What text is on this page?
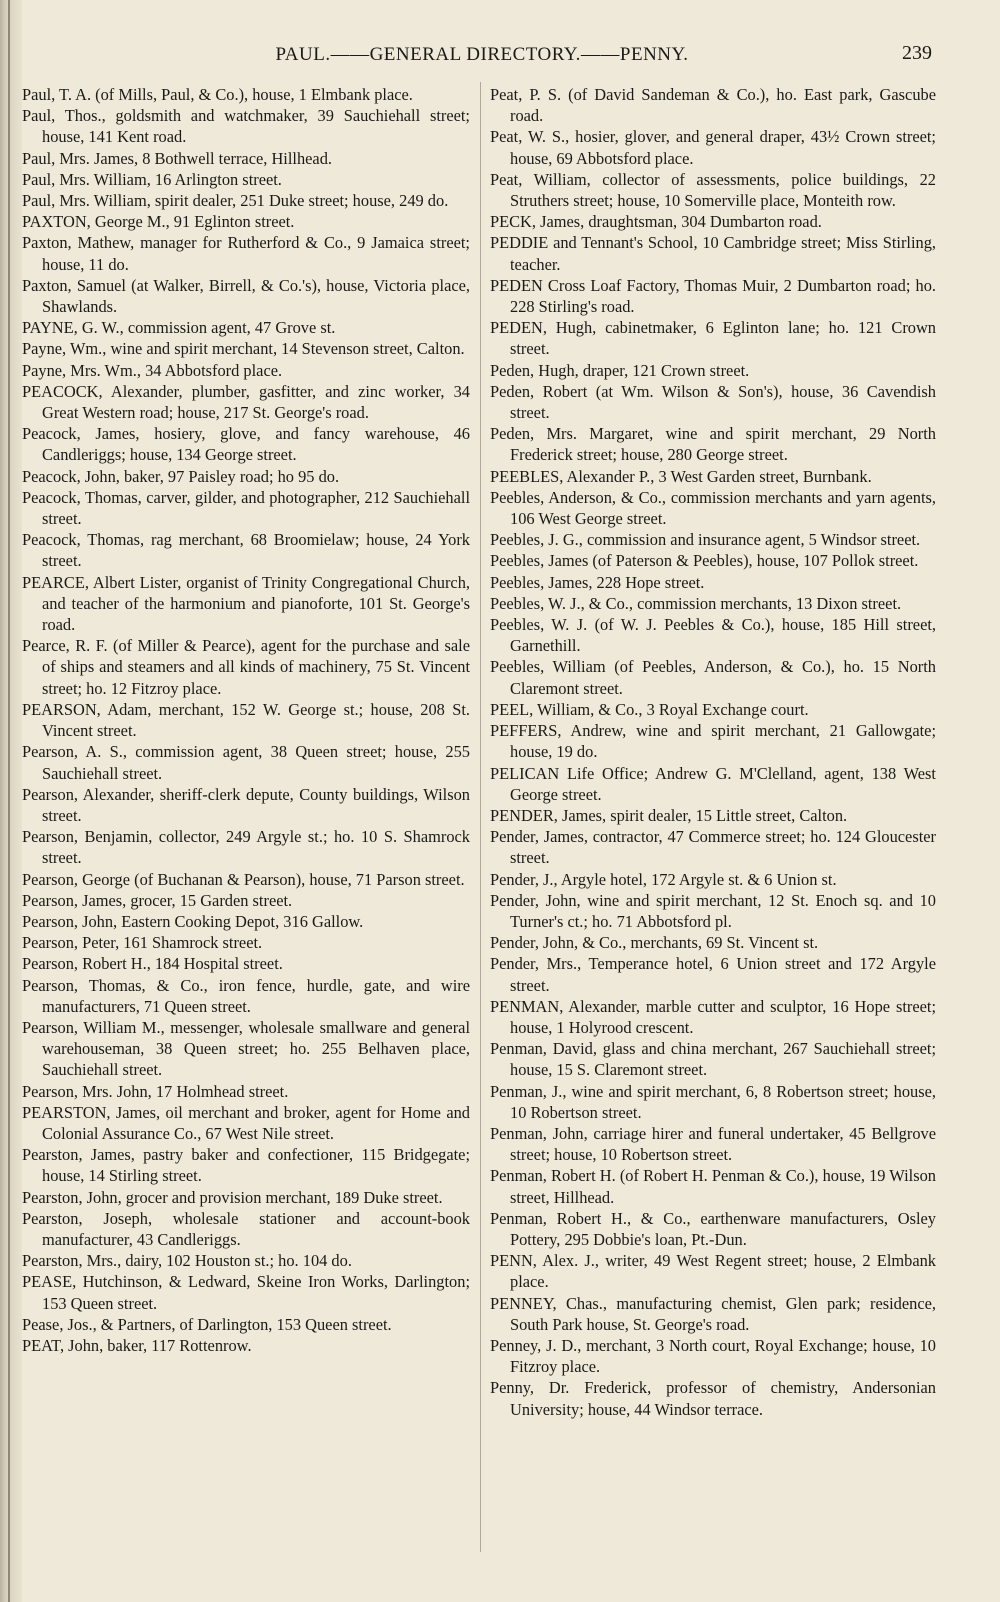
PAUL.——GENERAL DIRECTORY.——PENNY.	239

Paul, T. A. (of Mills, Paul, & Co.), house, 1 Elmbank place.

Paul, Thos., goldsmith and watchmaker, 39 Sauchiehall street; house, 141 Kent road.

Paul, Mrs. James, 8 Bothwell terrace, Hillhead.

Paul, Mrs. William, 16 Arlington street.

Paul, Mrs. William, spirit dealer, 251 Duke street; house, 249 do.

PAXTON, George M., 91 Eglinton street.

Paxton, Mathew, manager for Rutherford & Co., 9 Jamaica street; house, 11 do.

Paxton, Samuel (at Walker, Birrell, & Co.'s), house, Victoria place, Shawlands.

PAYNE, G. W., commission agent, 47 Grove st.

Payne, Wm., wine and spirit merchant, 14 Stevenson street, Calton.

Payne, Mrs. Wm., 34 Abbotsford place.

PEACOCK, Alexander, plumber, gasfitter, and zinc worker, 34 Great Western road; house, 217 St. George's road.

Peacock, James, hosiery, glove, and fancy warehouse, 46 Candleriggs; house, 134 George street.

Peacock, John, baker, 97 Paisley road; ho 95 do.

Peacock, Thomas, carver, gilder, and photographer, 212 Sauchiehall street.

Peacock, Thomas, rag merchant, 68 Broomielaw; house, 24 York street.

PEARCE, Albert Lister, organist of Trinity Congregational Church, and teacher of the harmonium and pianoforte, 101 St. George's road.

Pearce, R. F. (of Miller & Pearce), agent for the purchase and sale of ships and steamers and all kinds of machinery, 75 St. Vincent street; ho. 12 Fitzroy place.

PEARSON, Adam, merchant, 152 W. George st.; house, 208 St. Vincent street.

Pearson, A. S., commission agent, 38 Queen street; house, 255 Sauchiehall street.

Pearson, Alexander, sheriff-clerk depute, County buildings, Wilson street.

Pearson, Benjamin, collector, 249 Argyle st.; ho. 10 S. Shamrock street.

Pearson, George (of Buchanan & Pearson), house, 71 Parson street.

Pearson, James, grocer, 15 Garden street.

Pearson, John, Eastern Cooking Depot, 316 Gallow.

Pearson, Peter, 161 Shamrock street.

Pearson, Robert H., 184 Hospital street.

Pearson, Thomas, & Co., iron fence, hurdle, gate, and wire manufacturers, 71 Queen street.

Pearson, William M., messenger, wholesale smallware and general warehouseman, 38 Queen street; ho. 255 Belhaven place, Sauchiehall street.

Pearson, Mrs. John, 17 Holmhead street.

PEARSTON, James, oil merchant and broker, agent for Home and Colonial Assurance Co., 67 West Nile street.

Pearston, James, pastry baker and confectioner, 115 Bridgegate; house, 14 Stirling street.

Pearston, John, grocer and provision merchant, 189 Duke street.

Pearston, Joseph, wholesale stationer and account-book manufacturer, 43 Candleriggs.

Pearston, Mrs., dairy, 102 Houston st.; ho. 104 do.

PEASE, Hutchinson, & Ledward, Skeine Iron Works, Darlington; 153 Queen street.

Pease, Jos., & Partners, of Darlington, 153 Queen street.

PEAT, John, baker, 117 Rottenrow.

Peat, P. S. (of David Sandeman & Co.), ho. East park, Gascube road.

Peat, W. S., hosier, glover, and general draper, 43½ Crown street; house, 69 Abbotsford place.

Peat, William, collector of assessments, police buildings, 22 Struthers street; house, 10 Somerville place, Monteith row.

PECK, James, draughtsman, 304 Dumbarton road.

PEDDIE and Tennant's School, 10 Cambridge street; Miss Stirling, teacher.

PEDEN Cross Loaf Factory, Thomas Muir, 2 Dumbarton road; ho. 228 Stirling's road.

PEDEN, Hugh, cabinetmaker, 6 Eglinton lane; ho. 121 Crown street.

Peden, Hugh, draper, 121 Crown street.

Peden, Robert (at Wm. Wilson & Son's), house, 36 Cavendish street.

Peden, Mrs. Margaret, wine and spirit merchant, 29 North Frederick street; house, 280 George street.

PEEBLES, Alexander P., 3 West Garden street, Burnbank.

Peebles, Anderson, & Co., commission merchants and yarn agents, 106 West George street.

Peebles, J. G., commission and insurance agent, 5 Windsor street.

Peebles, James (of Paterson & Peebles), house, 107 Pollok street.

Peebles, James, 228 Hope street.

Peebles, W. J., & Co., commission merchants, 13 Dixon street.

Peebles, W. J. (of W. J. Peebles & Co.), house, 185 Hill street, Garnethill.

Peebles, William (of Peebles, Anderson, & Co.), ho. 15 North Claremont street.

PEEL, William, & Co., 3 Royal Exchange court.

PEFFERS, Andrew, wine and spirit merchant, 21 Gallowgate; house, 19 do.

PELICAN Life Office; Andrew G. M'Clelland, agent, 138 West George street.

PENDER, James, spirit dealer, 15 Little street, Calton.

Pender, James, contractor, 47 Commerce street; ho. 124 Gloucester street.

Pender, J., Argyle hotel, 172 Argyle st. & 6 Union st.

Pender, John, wine and spirit merchant, 12 St. Enoch sq. and 10 Turner's ct.; ho. 71 Abbotsford pl.

Pender, John, & Co., merchants, 69 St. Vincent st.

Pender, Mrs., Temperance hotel, 6 Union street and 172 Argyle street.

PENMAN, Alexander, marble cutter and sculptor, 16 Hope street; house, 1 Holyrood crescent.

Penman, David, glass and china merchant, 267 Sauchiehall street; house, 15 S. Claremont street.

Penman, J., wine and spirit merchant, 6, 8 Robertson street; house, 10 Robertson street.

Penman, John, carriage hirer and funeral undertaker, 45 Bellgrove street; house, 10 Robertson street.

Penman, Robert H. (of Robert H. Penman & Co.), house, 19 Wilson street, Hillhead.

Penman, Robert H., & Co., earthenware manufacturers, Osley Pottery, 295 Dobbie's loan, Pt.-Dun.

PENN, Alex. J., writer, 49 West Regent street; house, 2 Elmbank place.

PENNEY, Chas., manufacturing chemist, Glen park; residence, South Park house, St. George's road.

Penney, J. D., merchant, 3 North court, Royal Exchange; house, 10 Fitzroy place.

Penny, Dr. Frederick, professor of chemistry, Andersonian University; house, 44 Windsor terrace.
